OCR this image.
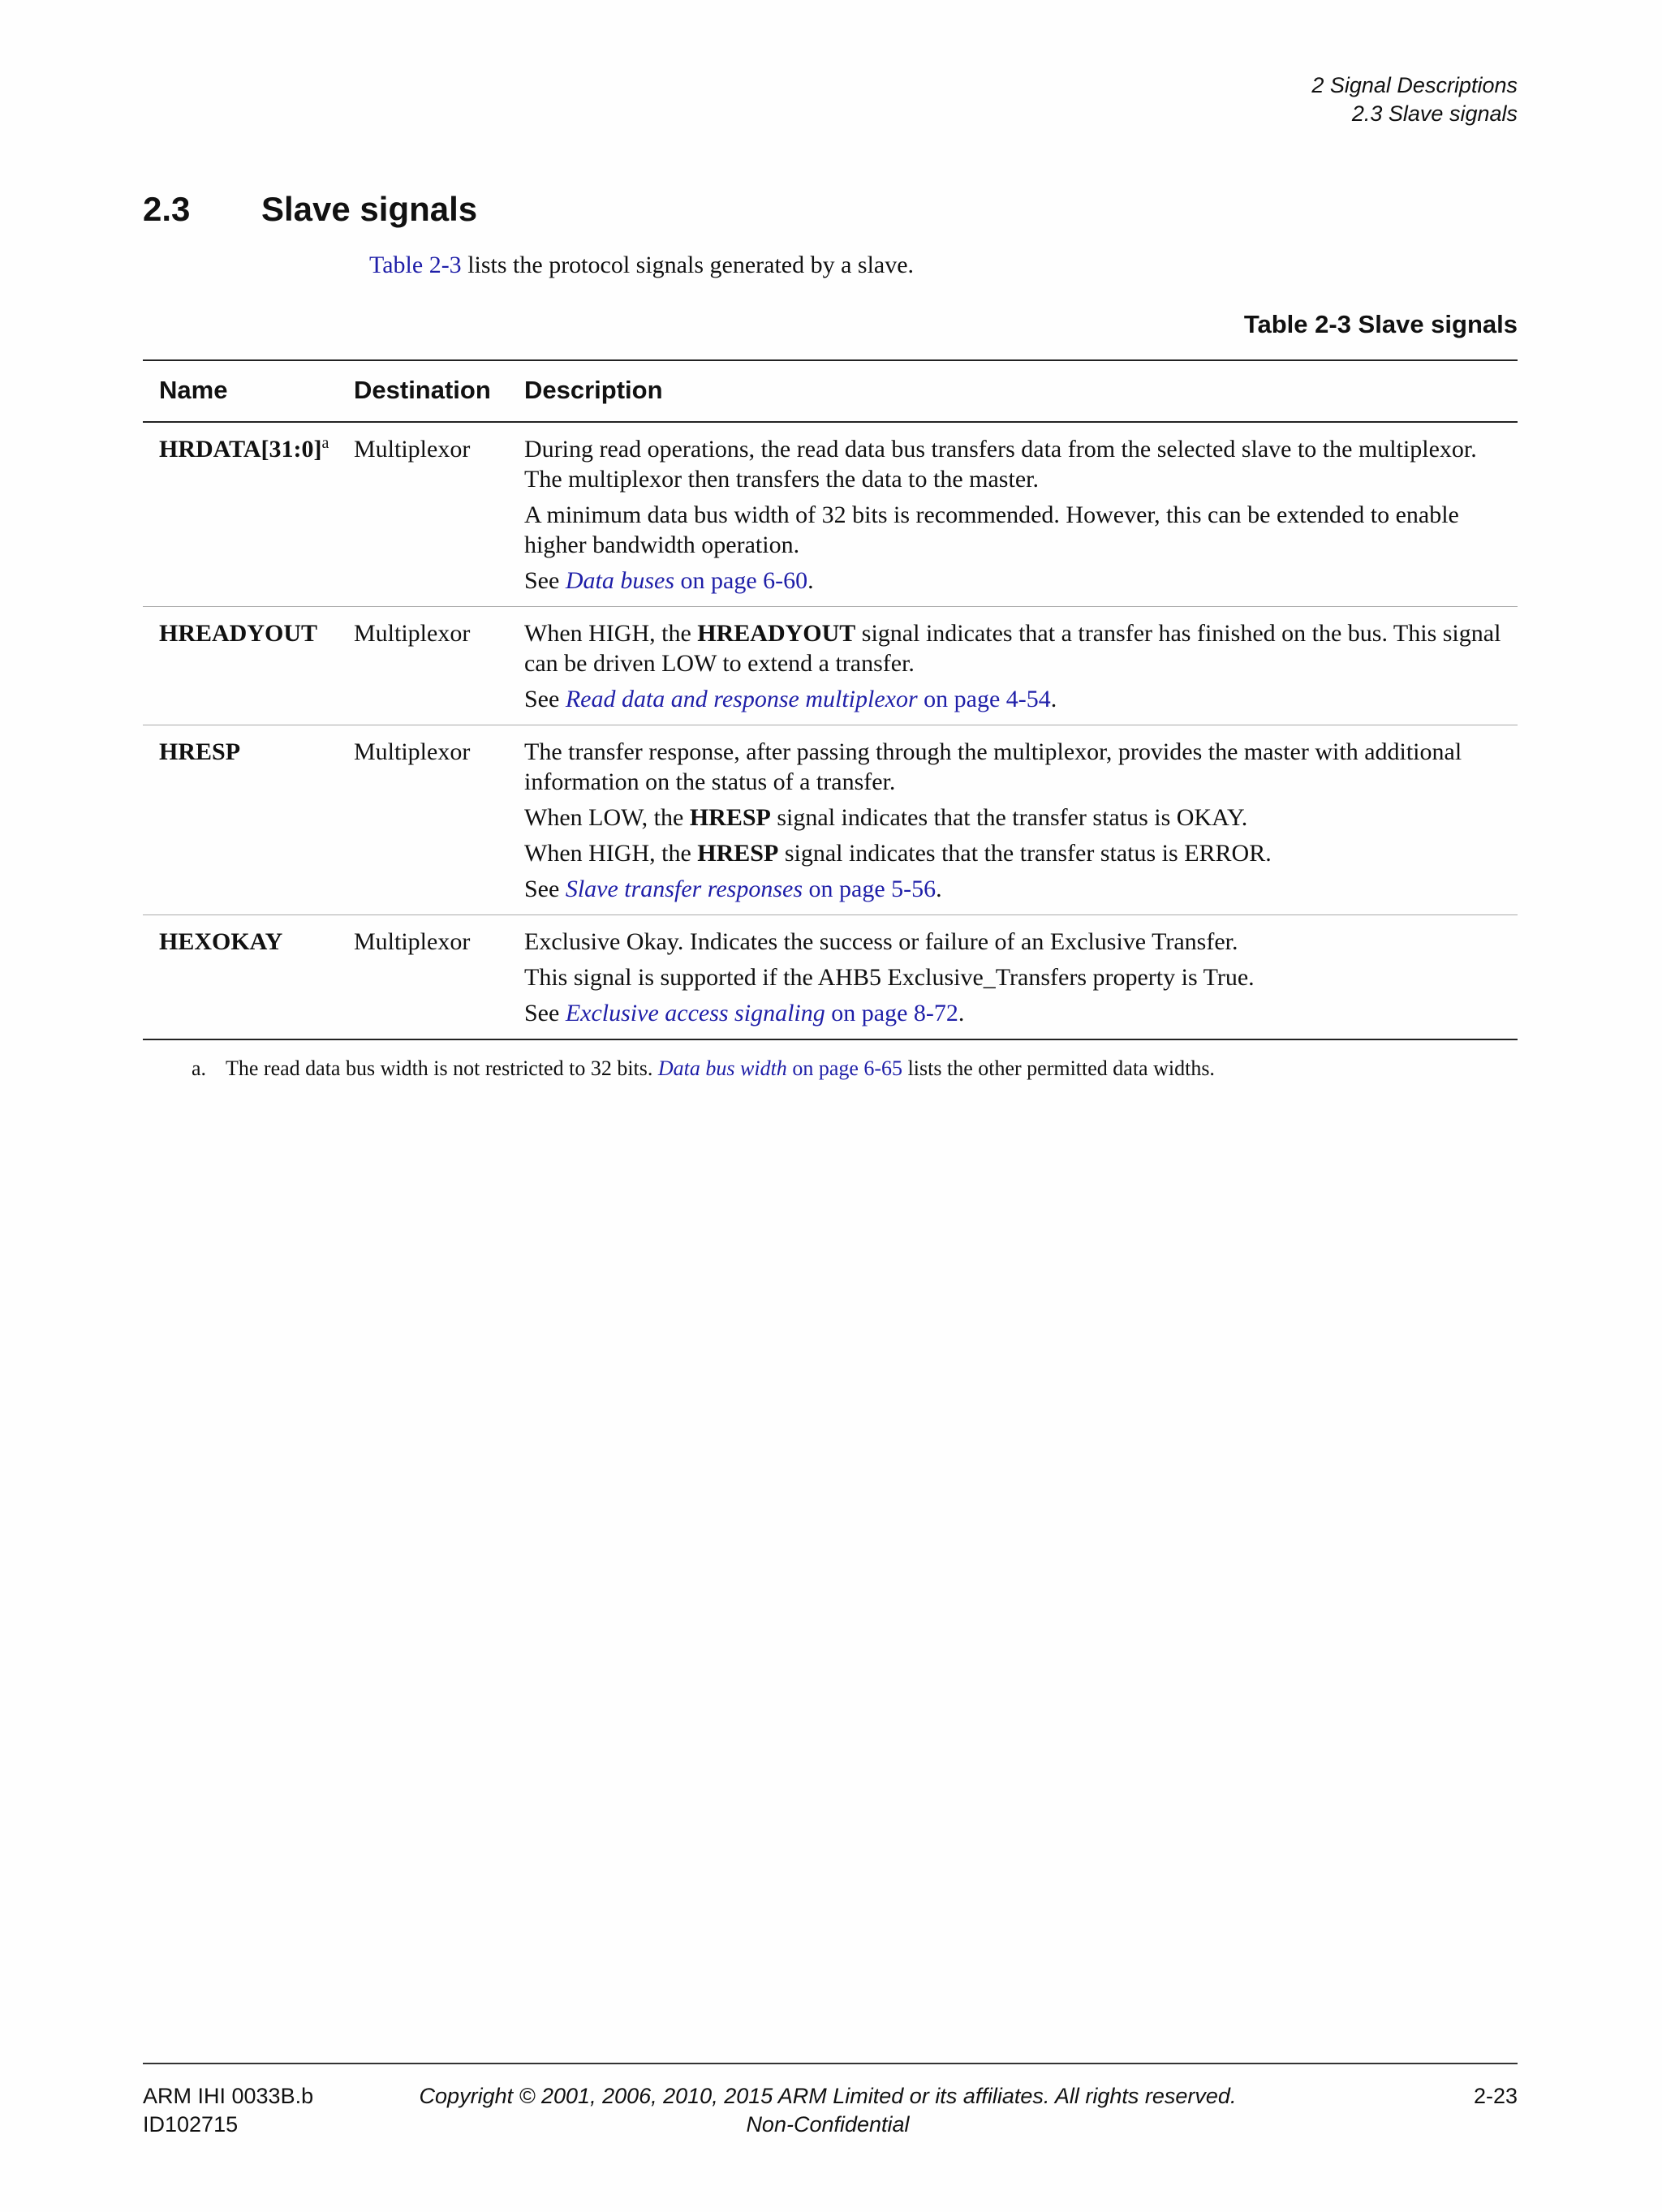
2 Signal Descriptions
2.3 Slave signals
2.3 Slave signals

Table 2-3 lists the protocol signals generated by a slave.

Table 2-3 Slave signals

Name	Destination	Description
HRDATA[31:0]$^a$	Multiplexor	During read operations, the read data bus transfers data from the selected slave to the multiplexor. The multiplexor then transfers the data to the master.

A minimum data bus width of 32 bits is recommended. However, this can be extended to enable higher bandwidth operation.

See Data buses on page 6-60.

HREADYOUT	Multiplexor	When HIGH, the HREADYOUT signal indicates that a transfer has finished on the bus. This signal can be driven LOW to extend a transfer.

See Read data and response multiplexor on page 4-54.

HRESP	Multiplexor	The transfer response, after passing through the multiplexor, provides the master with additional information on the status of a transfer.

When LOW, the HRESP signal indicates that the transfer status is OKAY.

When HIGH, the HRESP signal indicates that the transfer status is ERROR.

See Slave transfer responses on page 5-56.

HEXOKAY	Multiplexor	Exclusive Okay. Indicates the success or failure of an Exclusive Transfer.

This signal is supported if the AHB5 Exclusive_Transfers property is True.

See Exclusive access signaling on page 8-72.

a. The read data bus width is not restricted to 32 bits. Data bus width on page 6-65 lists the other permitted data widths.

ARM IHI 0033B.b
ID102715
Copyright © 2001, 2006, 2010, 2015 ARM Limited or its affiliates. All rights reserved.
Non-Confidential
2-23
